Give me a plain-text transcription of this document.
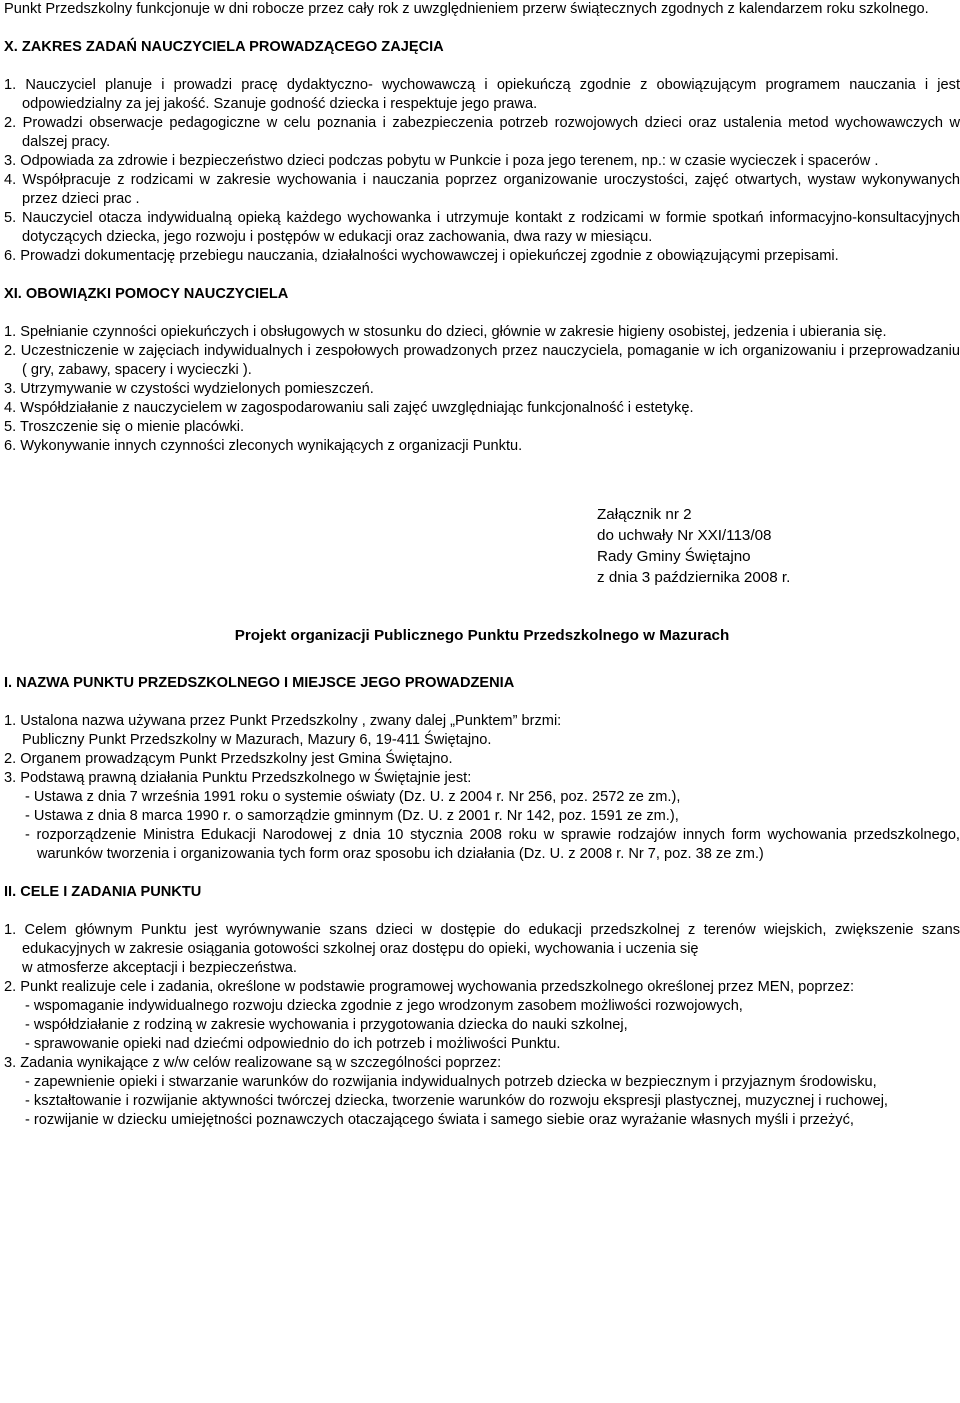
Punkt Przedszkolny funkcjonuje w dni robocze przez cały rok z uwzględnieniem przerw świątecznych zgodnych z kalendarzem roku szkolnego.

X. ZAKRES ZADAŃ NAUCZYCIELA PROWADZĄCEGO ZAJĘCIA

1. Nauczyciel planuje i prowadzi pracę dydaktyczno- wychowawczą i opiekuńczą zgodnie z obowiązującym programem nauczania i jest odpowiedzialny za jej jakość. Szanuje godność dziecka i respektuje jego prawa.

2. Prowadzi obserwacje pedagogiczne w celu poznania i zabezpieczenia potrzeb rozwojowych dzieci oraz ustalenia metod wychowawczych w dalszej pracy.

3. Odpowiada za zdrowie i bezpieczeństwo dzieci podczas pobytu w Punkcie i poza jego terenem, np.: w czasie wycieczek i spacerów .

4. Współpracuje z rodzicami w zakresie wychowania i nauczania poprzez organizowanie uroczystości, zajęć otwartych, wystaw wykonywanych przez dzieci prac .

5. Nauczyciel otacza indywidualną opieką każdego wychowanka i utrzymuje kontakt z rodzicami w formie spotkań informacyjno-konsultacyjnych dotyczących dziecka, jego rozwoju i postępów w edukacji oraz zachowania, dwa razy w miesiącu.

6. Prowadzi dokumentację przebiegu nauczania, działalności wychowawczej i opiekuńczej zgodnie z obowiązującymi przepisami.

XI. OBOWIĄZKI POMOCY NAUCZYCIELA

1. Spełnianie czynności opiekuńczych i obsługowych w stosunku do dzieci, głównie w zakresie higieny osobistej, jedzenia i ubierania się.

2. Uczestniczenie w zajęciach indywidualnych i zespołowych prowadzonych przez nauczyciela, pomaganie w ich organizowaniu i przeprowadzaniu ( gry, zabawy, spacery i wycieczki ).

3. Utrzymywanie w czystości wydzielonych pomieszczeń.

4. Współdziałanie z nauczycielem w zagospodarowaniu sali zajęć uwzględniając funkcjonalność i estetykę.

5. Troszczenie się o mienie placówki.

6. Wykonywanie innych czynności zleconych wynikających z organizacji Punktu.

Załącznik nr 2

do uchwały Nr XXI/113/08

Rady Gminy Świętajno

z dnia 3 października 2008 r.

Projekt organizacji Publicznego Punktu Przedszkolnego w Mazurach

I. NAZWA PUNKTU PRZEDSZKOLNEGO I MIEJSCE JEGO PROWADZENIA

1. Ustalona nazwa używana przez Punkt Przedszkolny , zwany dalej „Punktem” brzmi:

Publiczny Punkt Przedszkolny w Mazurach, Mazury 6, 19-411 Świętajno.

2. Organem prowadzącym Punkt Przedszkolny jest Gmina Świętajno.

3. Podstawą prawną działania Punktu Przedszkolnego w Świętajnie jest:

- Ustawa z dnia 7 września 1991 roku o systemie oświaty (Dz. U. z 2004 r. Nr 256, poz. 2572 ze zm.),

- Ustawa z dnia 8 marca 1990 r. o samorządzie gminnym (Dz. U. z 2001 r. Nr 142, poz. 1591 ze zm.),

- rozporządzenie Ministra Edukacji Narodowej z dnia 10 stycznia 2008 roku w sprawie rodzajów innych form wychowania przedszkolnego, warunków tworzenia i organizowania tych form oraz sposobu ich działania (Dz. U. z 2008 r. Nr 7, poz. 38 ze zm.)

II. CELE I ZADANIA PUNKTU

1. Celem głównym Punktu jest wyrównywanie szans dzieci w dostępie do edukacji przedszkolnej z terenów wiejskich, zwiększenie szans edukacyjnych w zakresie osiągania gotowości szkolnej oraz dostępu do opieki, wychowania i uczenia się

w atmosferze akceptacji i bezpieczeństwa.

2. Punkt realizuje cele i zadania, określone w podstawie programowej wychowania przedszkolnego określonej przez MEN, poprzez:

- wspomaganie indywidualnego rozwoju dziecka zgodnie z jego wrodzonym zasobem możliwości rozwojowych,

- współdziałanie z rodziną w zakresie wychowania i przygotowania dziecka do nauki szkolnej,

- sprawowanie opieki nad dziećmi odpowiednio do ich potrzeb i możliwości Punktu.

3. Zadania wynikające z w/w celów realizowane są w szczególności poprzez:

- zapewnienie opieki i stwarzanie warunków do rozwijania indywidualnych potrzeb dziecka w bezpiecznym i przyjaznym środowisku,

- kształtowanie i rozwijanie aktywności twórczej dziecka, tworzenie warunków do rozwoju ekspresji plastycznej, muzycznej i ruchowej,

- rozwijanie w dziecku umiejętności poznawczych otaczającego świata i samego siebie oraz wyrażanie własnych myśli i przeżyć,
